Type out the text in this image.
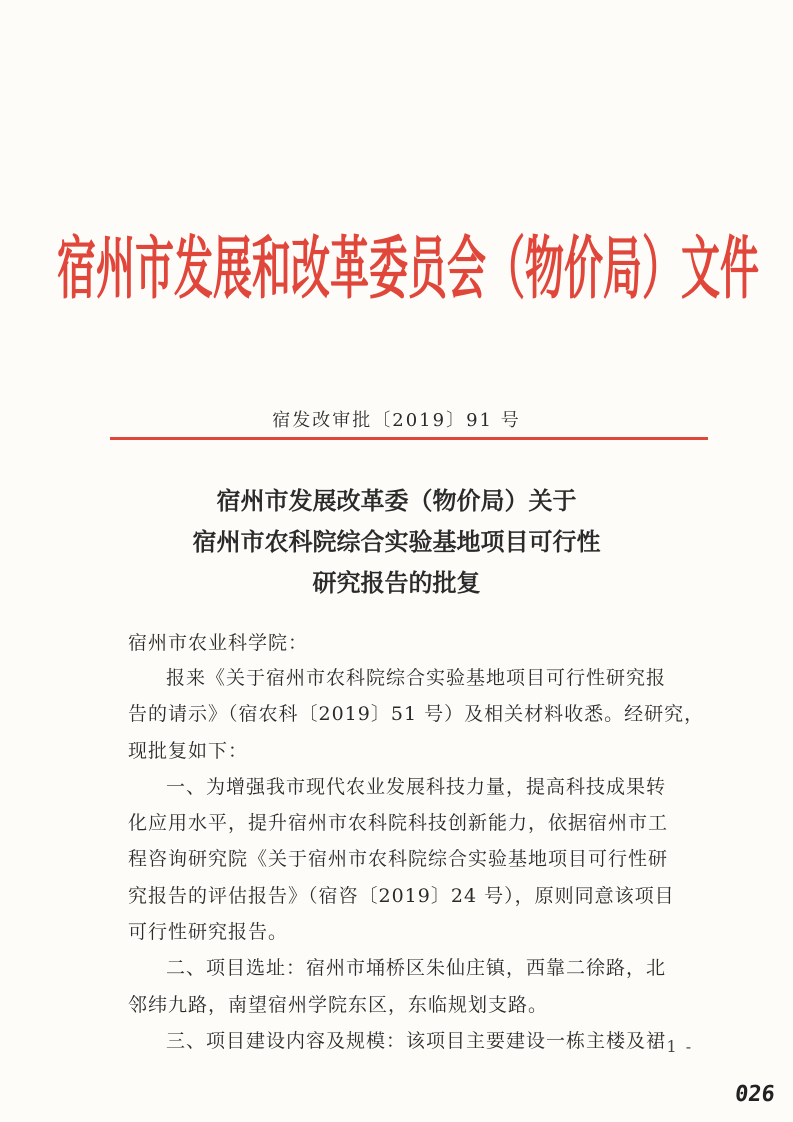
宿州市发展和改革委员会（物价局）文件
宿发改审批〔2019〕91 号
宿州市发展改革委（物价局）关于
宿州市农科院综合实验基地项目可行性
研究报告的批复
宿州市农业科学院：
报来《关于宿州市农科院综合实验基地项目可行性研究报
告的请示》（宿农科〔2019〕51 号）及相关材料收悉。经研究，
现批复如下：
一、为增强我市现代农业发展科技力量，提高科技成果转
化应用水平，提升宿州市农科院科技创新能力，依据宿州市工
程咨询研究院《关于宿州市农科院综合实验基地项目可行性研
究报告的评估报告》（宿咨〔2019〕24 号），原则同意该项目
可行性研究报告。
二、项目选址：宿州市埇桥区朱仙庄镇，西靠二徐路，北
邻纬九路，南望宿州学院东区，东临规划支路。
三、项目建设内容及规模：该项目主要建设一栋主楼及裙
- 1 -
026
